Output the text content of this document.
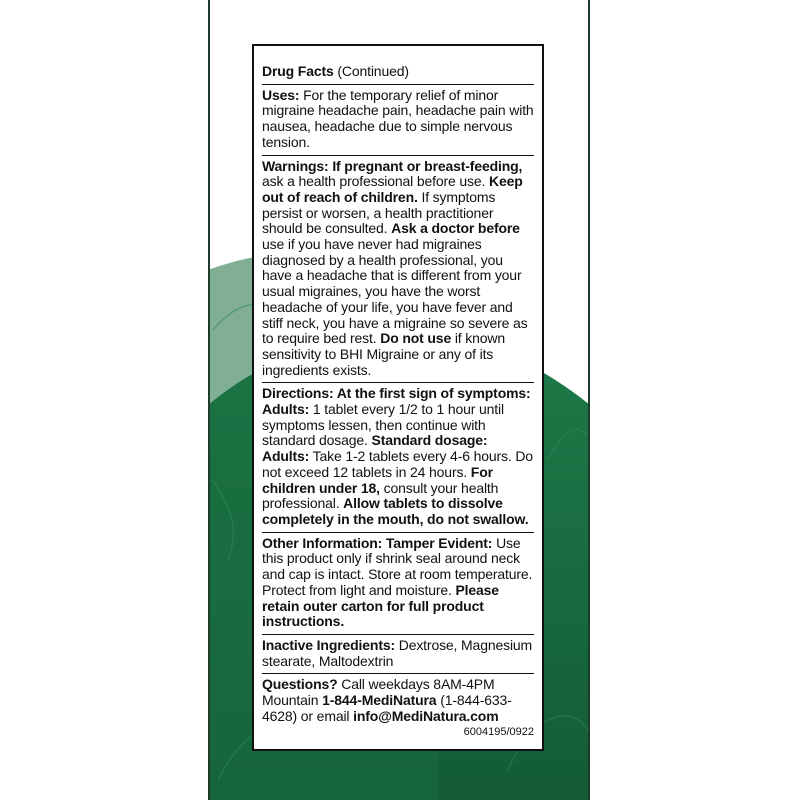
Drug Facts (Continued)
Uses: For the temporary relief of minor migraine headache pain, headache pain with nausea, headache due to simple nervous tension.
Warnings: If pregnant or breast-feeding, ask a health professional before use. Keep out of reach of children. If symptoms persist or worsen, a health practitioner should be consulted. Ask a doctor before use if you have never had migraines diagnosed by a health professional, you have a headache that is different from your usual migraines, you have the worst headache of your life, you have fever and stiff neck, you have a migraine so severe as to require bed rest. Do not use if known sensitivity to BHI Migraine or any of its ingredients exists.
Directions: At the first sign of symptoms: Adults: 1 tablet every 1/2 to 1 hour until symptoms lessen, then continue with standard dosage. Standard dosage: Adults: Take 1-2 tablets every 4-6 hours. Do not exceed 12 tablets in 24 hours. For children under 18, consult your health professional. Allow tablets to dissolve completely in the mouth, do not swallow.
Other Information: Tamper Evident: Use this product only if shrink seal around neck and cap is intact. Store at room temperature. Protect from light and moisture. Please retain outer carton for full product instructions.
Inactive Ingredients: Dextrose, Magnesium stearate, Maltodextrin
Questions? Call weekdays 8AM-4PM Mountain 1-844-MediNatura (1-844-633-4628) or email info@MediNatura.com
6004195/0922
